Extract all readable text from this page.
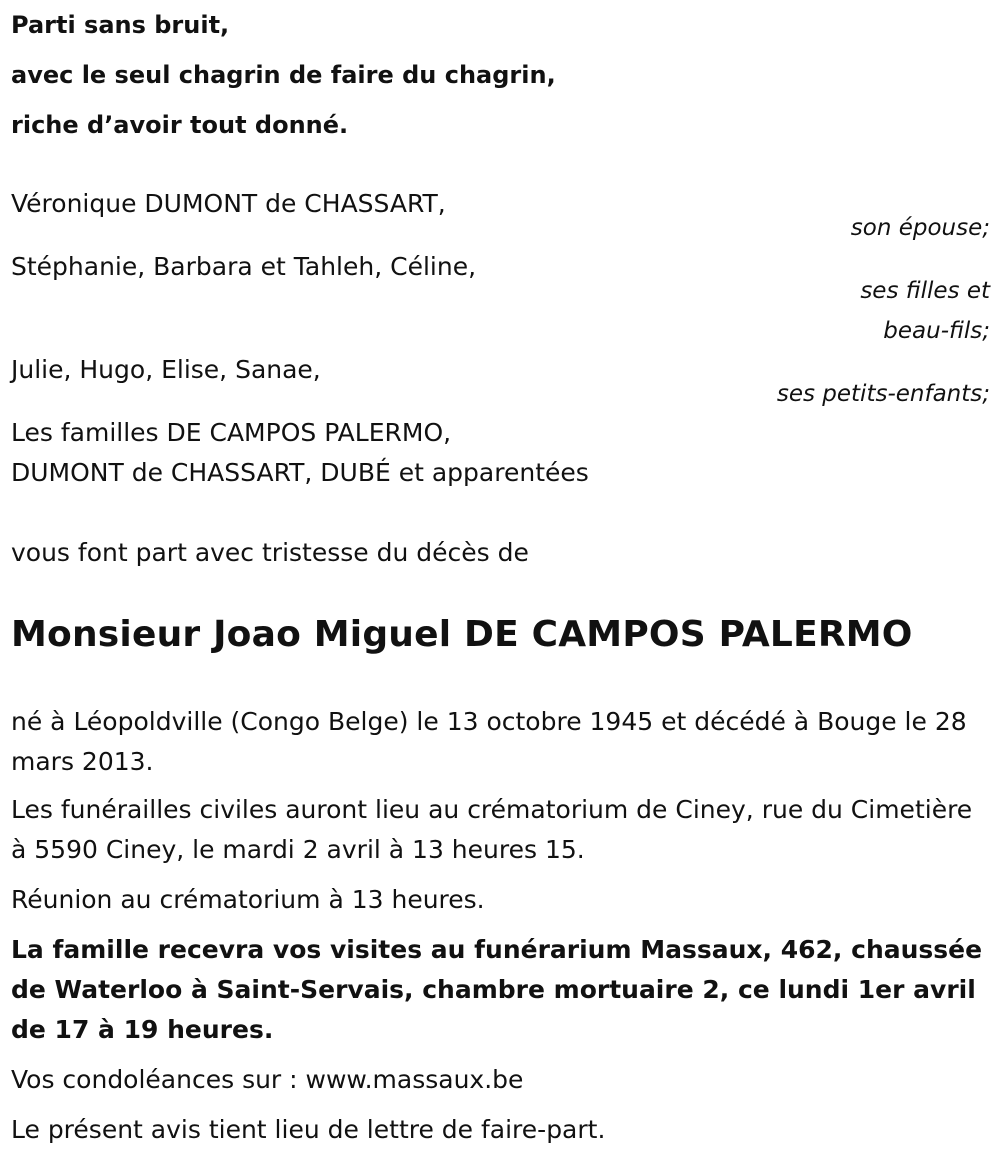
Parti sans bruit,
avec le seul chagrin de faire du chagrin,
riche d’avoir tout donné.
Véronique DUMONT de CHASSART,
son épouse;
Stéphanie, Barbara et Tahleh, Céline,
ses filles et
beau-fils;
Julie, Hugo, Elise, Sanae,
ses petits-enfants;
Les familles DE CAMPOS PALERMO,
DUMONT de CHASSART, DUBÉ et apparentées
vous font part avec tristesse du décès de
Monsieur Joao Miguel DE CAMPOS PALERMO
né à Léopoldville (Congo Belge) le 13 octobre 1945 et décédé à Bouge le 28 mars 2013.
Les funérailles civiles auront lieu au crématorium de Ciney, rue du Cimetière à 5590 Ciney, le mardi 2 avril à 13 heures 15.
Réunion au crématorium à 13 heures.
La famille recevra vos visites au funérarium Massaux, 462, chaussée de Waterloo à Saint-Servais, chambre mortuaire 2, ce lundi 1er avril de 17 à 19 heures.
Vos condoléances sur : www.massaux.be
Le présent avis tient lieu de lettre de faire-part.
